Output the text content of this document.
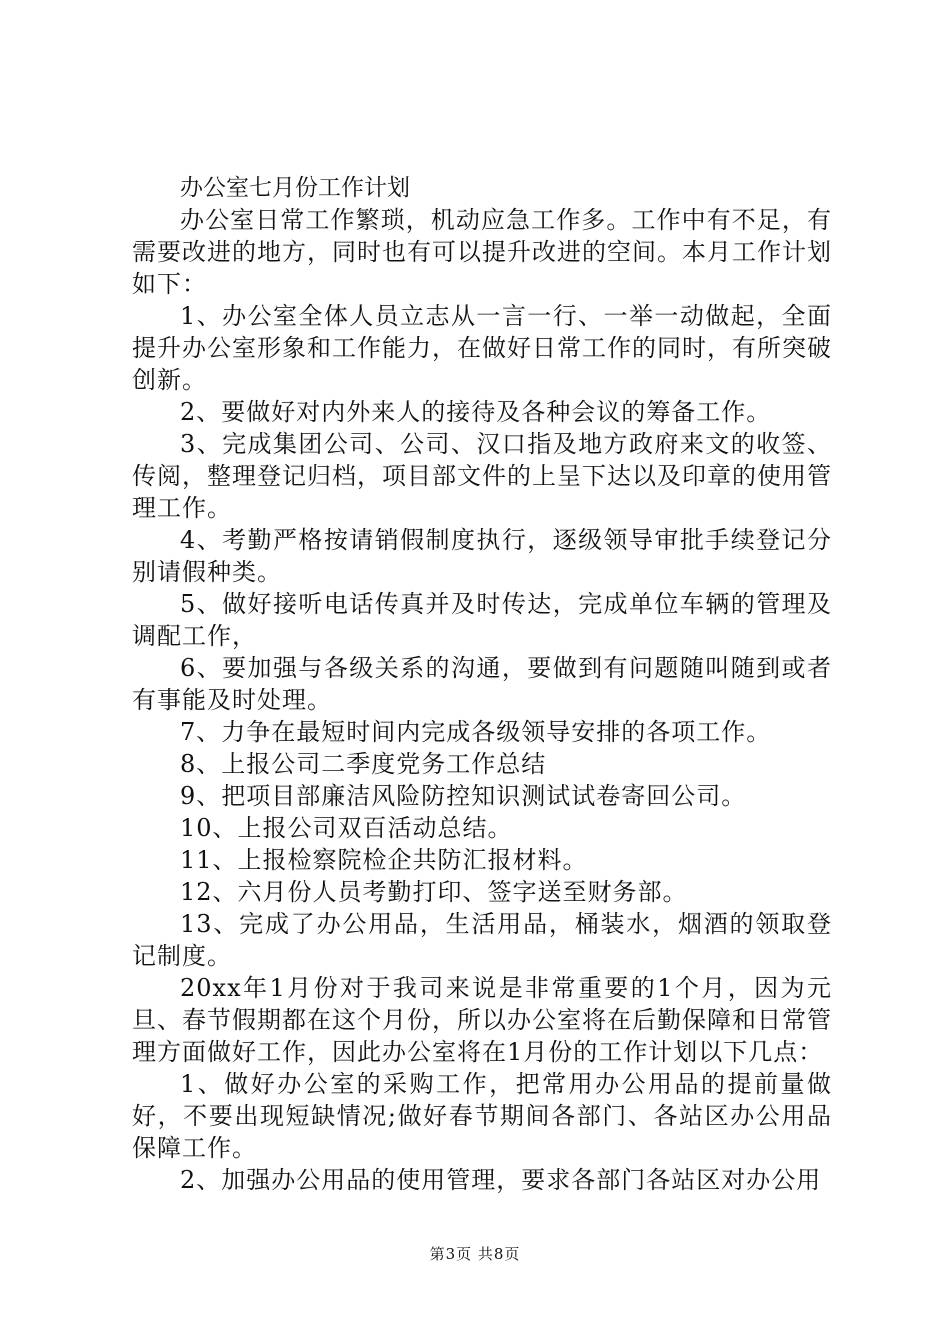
办公室七月份工作计划
办公室日常工作繁琐，机动应急工作多。工作中有不足，有需要改进的地方，同时也有可以提升改进的空间。本月工作计划如下：
1、办公室全体人员立志从一言一行、一举一动做起，全面提升办公室形象和工作能力，在做好日常工作的同时，有所突破创新。
2、要做好对内外来人的接待及各种会议的筹备工作。
3、完成集团公司、公司、汉口指及地方政府来文的收签、传阅，整理登记归档，项目部文件的上呈下达以及印章的使用管理工作。
4、考勤严格按请销假制度执行，逐级领导审批手续登记分别请假种类。
5、做好接听电话传真并及时传达，完成单位车辆的管理及调配工作，
6、要加强与各级关系的沟通，要做到有问题随叫随到或者有事能及时处理。
7、力争在最短时间内完成各级领导安排的各项工作。
8、上报公司二季度党务工作总结
9、把项目部廉洁风险防控知识测试试卷寄回公司。
10、上报公司双百活动总结。
11、上报检察院检企共防汇报材料。
12、六月份人员考勤打印、签字送至财务部。
13、完成了办公用品，生活用品，桶装水，烟酒的领取登记制度。
20xx年1月份对于我司来说是非常重要的1个月，因为元旦、春节假期都在这个月份，所以办公室将在后勤保障和日常管理方面做好工作，因此办公室将在1月份的工作计划以下几点：
1、做好办公室的采购工作，把常用办公用品的提前量做好，不要出现短缺情况;做好春节期间各部门、各站区办公用品保障工作。
2、加强办公用品的使用管理，要求各部门各站区对办公用
第3页 共8页
